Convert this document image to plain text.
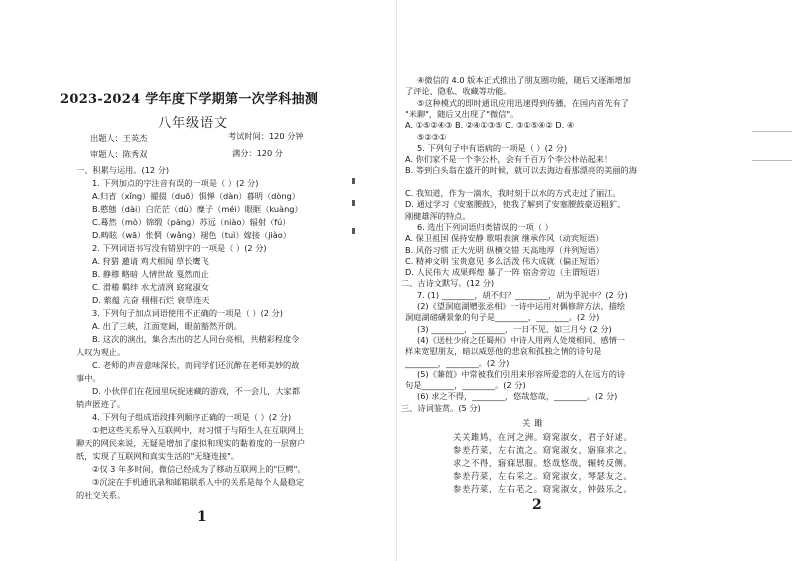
2023-2024 学年度下学期第一次学科抽测
八年级语文
出题人：王英杰	考试时间：120 分钟
审题人：陈秀双	满分：120 分
一、积累与运用。(12 分)
1. 下列加点的字注音有误的一项是（ ）(2 分)
A.归省（xǐng）擢掇（duō）惧惮（dàn）暮明（dòng）
B.憨態（dài）白茫茫（dù）糜子（méi）眼眶（kuàng）
C.蓦然（mò）锦缎（pàng）苏远（niào）辐射（fú）
D.畴眩（wā）怅惘（wǎng）褪色（tuì）嫁接（jiào）
2. 下列词语书写没有错别字的一项是（ ）(2 分)
A. 狩猎 邀请 鸡犬相闻 草长鹰飞
B. 静穆 略暗 人情世故 戛然而止
C. 滑稽 羁绊 水尤清洌 窈窕淑女
D. 萦蕴 亢奋 栩栩石烂 衰草连天
3. 下列句子加点词语使用不正确的一项是（ ）(2 分)
A. 出了三峡，江面宽阔，眼前豁然开朗。
B. 这次的演出，集合杰出的艺人同台亮相，共精彩程度令
人叹为观止。
C. 老师的声音意味深长，而同学们还沉醉在老师美妙的故
事中。
D. 小伙伴们在花园里玩捉迷藏的游戏，不一会儿，大家都
销声匿迹了。
4. 下列句子组成语段排列顺序正确的一项是（ ）(2 分)
①把这些关系导入互联网中，对习惯于与陌生人在互联网上
聊天的网民来说，无疑是增加了虚拟和现实的黏着度的一层窗户
纸，实现了互联网和真实生活的"无缝连接"。
②仅 3 年多时间，微信已经成为了移动互联网上的"巨鳄"。
③沉淀在手机通讯录和邮箱联系人中的关系是每个人最稳定
的社交关系。
1
④微信的 4.0 版本正式推出了朋友圈功能，随后又逐渐增加
了评论、隐私、收藏等功能。
⑤这种模式的即时通讯应用迅速得到传播，在国内首先有了
"米聊"，随后又出现了"微信"。
A. ①⑤②④③ B. ②④①③⑤ C. ③①⑤④② D. ④
⑤②③①
5. 下列句子中有语病的一项是（ ）(2 分)
A. 你们家不是一个李公朴，会有千百万个李公朴站起来！
B. 等到白头翁在盛开的时候，就可以去海边看那漂亮的美丽的海
C. 我知道，作为一滴水，我时刻于以水的方式走过了丽江。
D. 通过学习《安塞腰鼓》，使我了解到了安塞腰鼓豪迈粗犷、
刚健雄浑的特点。
6. 选出下列词语归类错误的一项（ ）
A. 保卫祖国 保持安静 歌唱表演 继承作风（动宾短语）
B. 风俗习惯 正大光明 纵横交错 天高地厚（并列短语）
C. 精神文明 宝贵意见 多么活泼 伟大成就（偏正短语）
D. 人民伟大 成果辉煌 暴了一阵 宿舍旁边（主谓短语）
二、古诗文默写。(12 分)
7. (1) ________，胡不归？________，胡为乎泥中？(2 分)
(2)《望洞庭湖赠张丞相》一诗中运用对偶修辞方法，描绘
洞庭湖磅礴景象的句子是________，________。(2 分)
(3) ________，________，一日不见，如三月兮 (2 分)
(4)《送杜少府之任蜀州》中诗人用两人处境相同、感情一
样来宽慰朋友，暗以威惩他的悲哀和孤独之情的诗句是
________，________。(2 分)
(5)《蒹葭》中常被我们引用来形容所爱恋的人在远方的诗
句是________，________。(2 分)
(6) 求之不得，________，悠哉悠哉，________。(2 分)
三、诗词鉴赏。(5 分)
关 雎
关关雎鸠，在河之洲。窈窕淑女，君子好逑。
参差荇菜，左右流之。窈窕淑女，寤寐求之。
求之不得，寤寐思服。悠哉悠哉，辗转反侧。
参差荇菜，左右采之。窈窕淑女，琴瑟友之。
参差荇菜，左右芼之。窈窕淑女，钟鼓乐之。
2
